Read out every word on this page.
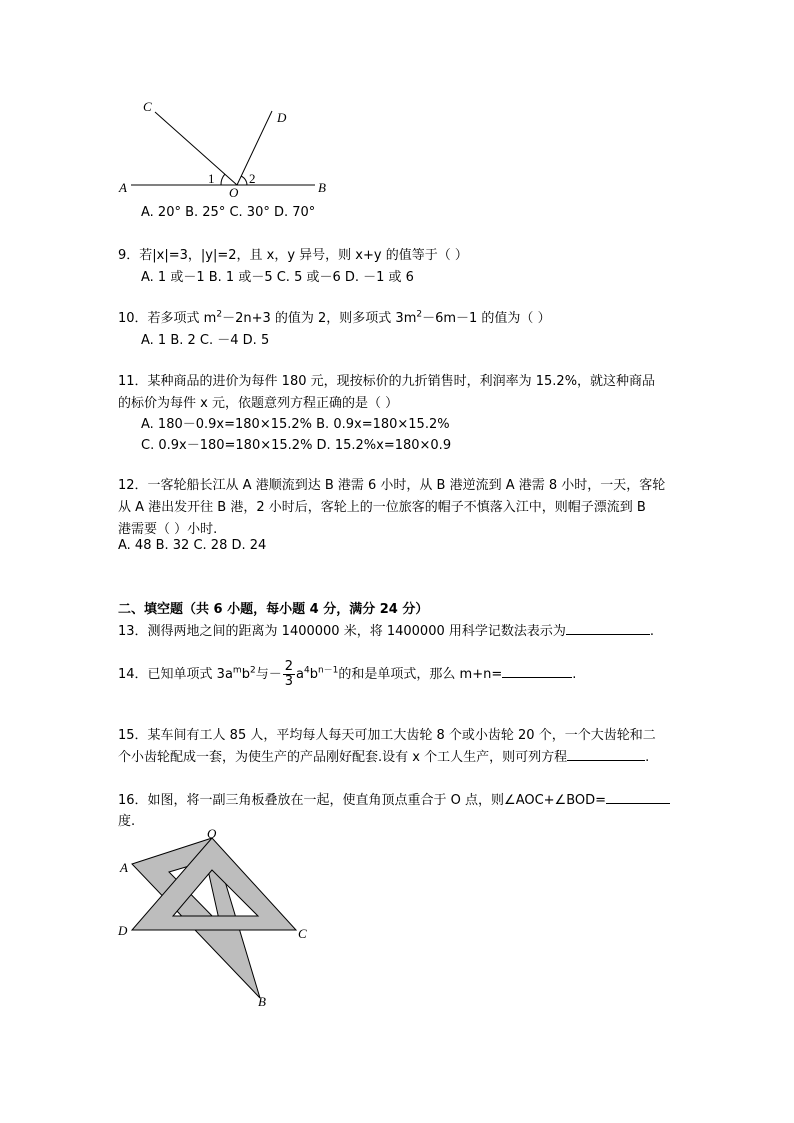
C
D
A	B
O
1	2
A. 20° B. 25° C. 30° D. 70°
9．若|x|=3，|y|=2，且 x，y 异号，则 x+y 的值等于（ ）
A. 1 或－1 B. 1 或－5 C. 5 或－6 D. －1 或 6
10．若多项式 $m^2-2n+3$ 的值为 2，则多项式 $3m^2-6m-1$ 的值为（ ）
A. 1 B. 2 C. －4 D. 5
11．某种商品的进价为每件 180 元，现按标价的九折销售时，利润率为 15.2%，就这种商品
的标价为每件 x 元，依题意列方程正确的是（ ）
A. 180－0.9x=180×15.2% B. 0.9x=180×15.2%
C. 0.9x－180=180×15.2% D. 15.2%x=180×0.9
12．一客轮船长江从 A 港顺流到达 B 港需 6 小时，从 B 港逆流到 A 港需 8 小时，一天，客轮
从 A 港出发开往 B 港，2 小时后，客轮上的一位旅客的帽子不慎落入江中，则帽子漂流到 B
港需要（ ）小时.
A. 48 B. 32 C. 28 D. 24
二、填空题（共 6 小题，每小题 4 分，满分 24 分）
13．测得两地之间的距离为 1400000 米，将 1400000 用科学记数法表示为	.
14．已知单项式 $3a^mb^2$与－ $\frac{2}{3} a^4b^{n-1}$的和是单项式，那么 m+n=	.
15．某车间有工人 85 人，平均每人每天可加工大齿轮 8 个或小齿轮 20 个，一个大齿轮和二
个小齿轮配成一套，为使生产的产品刚好配套.设有 x 个工人生产，则可列方程	.
16．如图，将一副三角板叠放在一起，使直角顶点重合于 O 点，则∠AOC+∠BOD=
度.
O
A
D	C
B
